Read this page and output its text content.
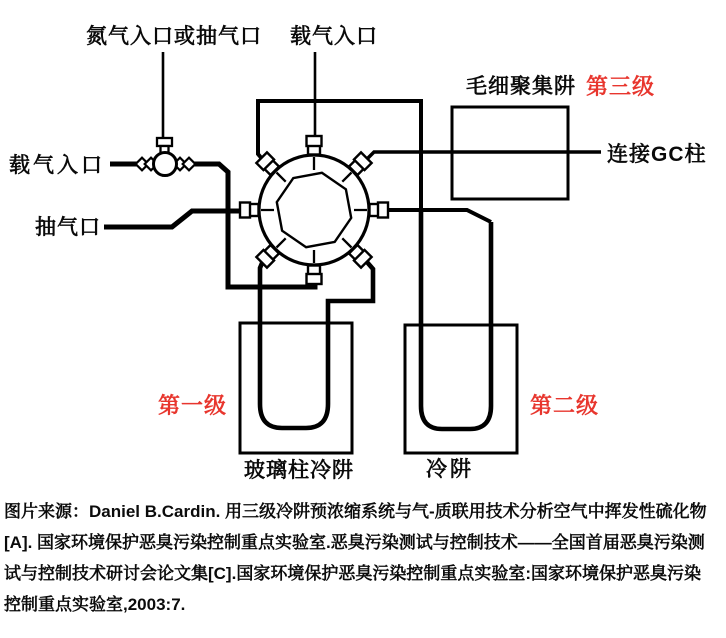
氮气入口或抽气口 载气入口
毛细聚集阱 第三级
连接GC柱
载气入口
抽气口
第一级	第二级
玻璃柱冷阱	冷阱
图片来源：Daniel B.Cardin. 用三级冷阱预浓缩系统与气-质联用技术分析空气中挥发性硫化物
[A]. 国家环境保护恶臭污染控制重点实验室.恶臭污染测试与控制技术——全国首届恶臭污染测
试与控制技术研讨会论文集[C].国家环境保护恶臭污染控制重点实验室:国家环境保护恶臭污染
控制重点实验室,2003:7.
